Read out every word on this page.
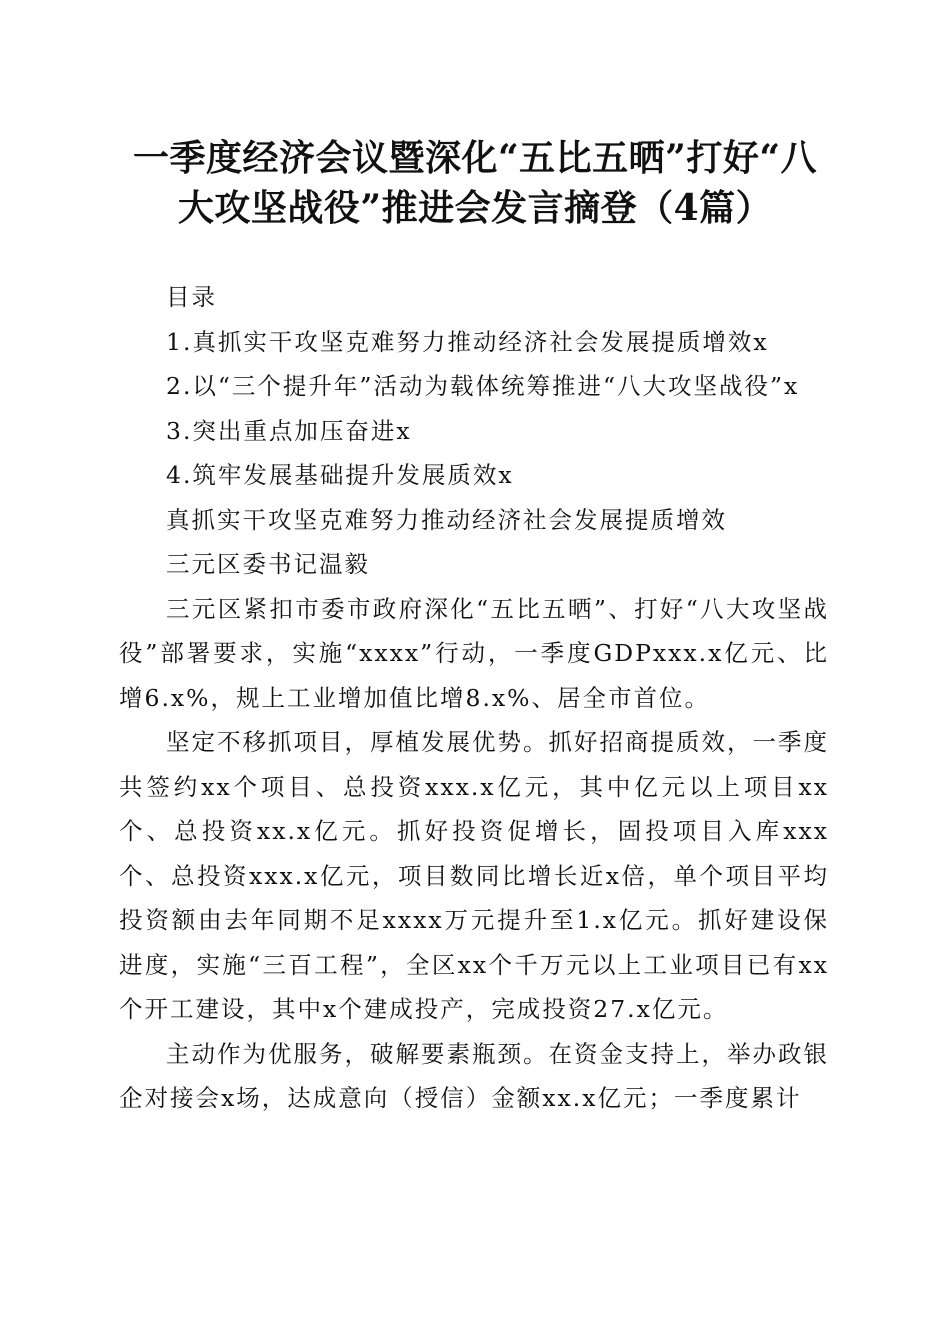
一季度经济会议暨深化“五比五晒”打好“八
大攻坚战役”推进会发言摘登（4篇）

目录

1.真抓实干攻坚克难努力推动经济社会发展提质增效x

2.以“三个提升年”活动为载体统筹推进“八大攻坚战役”x

3.突出重点加压奋进x

4.筑牢发展基础提升发展质效x

真抓实干攻坚克难努力推动经济社会发展提质增效

三元区委书记温毅

三元区紧扣市委市政府深化“五比五晒”、打好“八大攻坚战役”部署要求，实施“xxxx”行动，一季度GDPxxx.x亿元、比增6.x%，规上工业增加值比增8.x%、居全市首位。

坚定不移抓项目，厚植发展优势。抓好招商提质效，一季度共签约xx个项目、总投资xxx.x亿元，其中亿元以上项目xx个、总投资xx.x亿元。抓好投资促增长，固投项目入库xxx个、总投资xxx.x亿元，项目数同比增长近x倍，单个项目平均投资额由去年同期不足xxxx万元提升至1.x亿元。抓好建设保进度，实施“三百工程”，全区xx个千万元以上工业项目已有xx个开工建设，其中x个建成投产，完成投资27.x亿元。

主动作为优服务，破解要素瓶颈。在资金支持上，举办政银企对接会x场，达成意向（授信）金额xx.x亿元；一季度累计
